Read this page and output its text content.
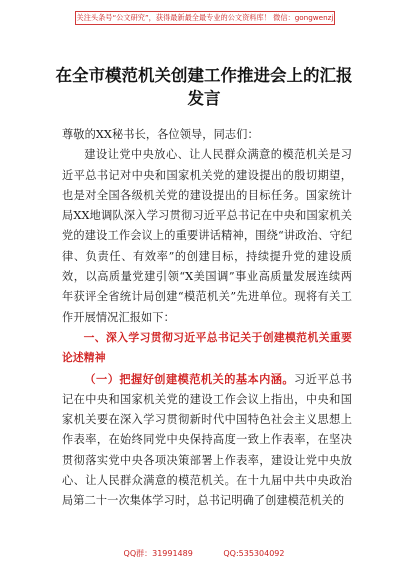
关注头条号“公文研究”，获得最新最全最专业的公文资料库！ 微信：gongwenzj
在全市模范机关创建工作推进会上的汇报发言

尊敬的XX秘书长，各位领导，同志们：

建设让党中央放心、让人民群众满意的模范机关是习近平总书记对中央和国家机关党的建设提出的殷切期望，也是对全国各级机关党的建设提出的目标任务。国家统计局XX地调队深入学习贯彻习近平总书记在中央和国家机关党的建设工作会议上的重要讲话精神，围绕“讲政治、守纪律、负责任、有效率”的创建目标，持续提升党的建设质效，以高质量党建引领“X美国调”事业高质量发展连续两年获评全省统计局创建“模范机关”先进单位。现将有关工作开展情况汇报如下：

一、深入学习贯彻习近平总书记关于创建模范机关重要论述精神

（一）把握好创建模范机关的基本内涵。习近平总书记在中央和国家机关党的建设工作会议上指出，中央和国家机关要在深入学习贯彻新时代中国特色社会主义思想上作表率，在始终同党中央保持高度一致上作表率，在坚决贯彻落实党中央各项决策部署上作表率，建设让党中央放心、让人民群众满意的模范机关。在十九届中共中央政治局第二十一次集体学习时，总书记明确了创建模范机关的

QQ群：31991489	QQ:535304092
